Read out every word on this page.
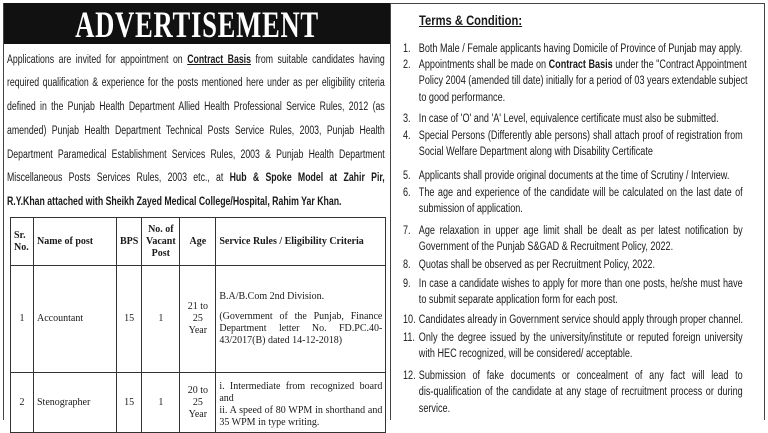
ADVERTISEMENT
Applications are invited for appointment on Contract Basis from suitable candidates having
required qualification & experience for the posts mentioned here under as per eligibility criteria
defined in the Punjab Health Department Allied Health Professional Service Rules, 2012 (as
amended) Punjab Health Department Technical Posts Service Rules, 2003, Punjab Health
Department Paramedical Establishment Services Rules, 2003 & Punjab Health Department
Miscellaneous Posts Services Rules, 2003 etc., at Hub & Spoke Model at Zahir Pir,
R.Y.Khan attached with Sheikh Zayed Medical College/Hospital, Rahim Yar Khan.
Sr. No.	Name of post	BPS	No. of Vacant Post	Age	Service Rules / Eligibility Criteria
1	Accountant	15	1	21 to 25 Year	B.A/B.Com 2nd Division.

(Government of the Punjab, Finance Department letter No. FD.PC.40-43/2017(B) dated 14-12-2018)

2	Stenographer	15	1	20 to 25 Year	i. Intermediate from recognized board and

ii. A speed of 80 WPM in shorthand and 35 WPM in type writing.

Terms & Condition:
1. Both Male / Female applicants having Domicile of Province of Punjab may apply.
2. Appointments shall be made on Contract Basis under the "Contract Appointment
Policy 2004 (amended till date) initially for a period of 03 years extendable subject
to good performance.
3. In case of 'O' and 'A' Level, equivalence certificate must also be submitted.
4. Special Persons (Differently able persons) shall attach proof of registration from
Social Welfare Department along with Disability Certificate
5. Applicants shall provide original documents at the time of Scrutiny / Interview.
6. The age and experience of the candidate will be calculated on the last date of
submission of application.
7. Age relaxation in upper age limit shall be dealt as per latest notification by
Government of the Punjab S&GAD & Recruitment Policy, 2022.
8. Quotas shall be observed as per Recruitment Policy, 2022.
9. In case a candidate wishes to apply for more than one posts, he/she must have
to submit separate application form for each post.
10. Candidates already in Government service should apply through proper channel.
11. Only the degree issued by the university/institute or reputed foreign university
with HEC recognized, will be considered/ acceptable.
12. Submission of fake documents or concealment of any fact will lead to
dis-qualification of the candidate at any stage of recruitment process or during
service.
